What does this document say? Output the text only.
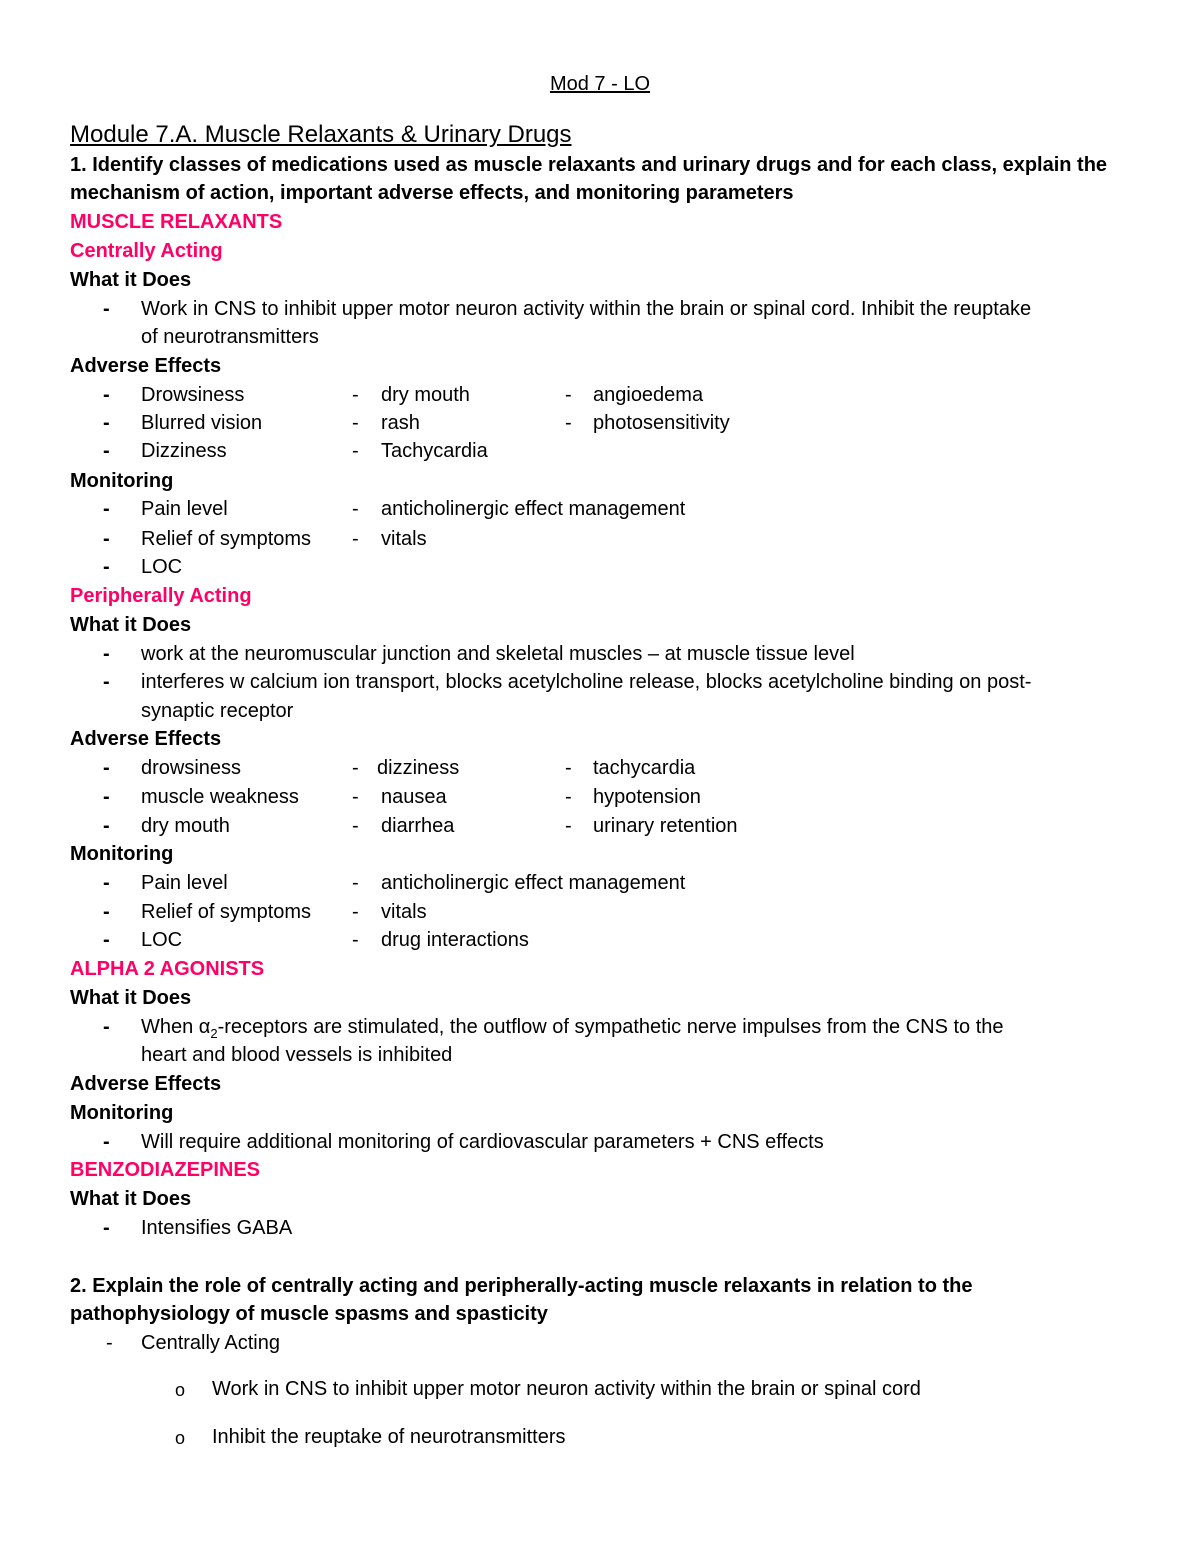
Mod 7 - LO
Module 7.A. Muscle Relaxants & Urinary Drugs
1. Identify classes of medications used as muscle relaxants and urinary drugs and for each class, explain the
mechanism of action, important adverse effects, and monitoring parameters
MUSCLE RELAXANTS
Centrally Acting
What it Does
- Work in CNS to inhibit upper motor neuron activity within the brain or spinal cord. Inhibit the reuptake
of neurotransmitters
Adverse Effects
- Drowsiness
- Blurred vision
- Dizziness
- dry mouth
- rash
- Tachycardia
- angioedema
- photosensitivity
Monitoring
- Pain level
- Relief of symptoms
- LOC
- anticholinergic effect management
- vitals
Peripherally Acting
What it Does
- work at the neuromuscular junction and skeletal muscles – at muscle tissue level
- interferes w calcium ion transport, blocks acetylcholine release, blocks acetylcholine binding on post-
synaptic receptor
Adverse Effects
- drowsiness
- muscle weakness
- dry mouth
- dizziness
- nausea
- diarrhea
- tachycardia
- hypotension
- urinary retention
Monitoring
- Pain level
- Relief of symptoms
- LOC
- anticholinergic effect management
- vitals
- drug interactions
ALPHA 2 AGONISTS
What it Does
- When $\alpha_2$-receptors are stimulated, the outflow of sympathetic nerve impulses from the CNS to the
heart and blood vessels is inhibited
Adverse Effects
Monitoring
- Will require additional monitoring of cardiovascular parameters + CNS effects
BENZODIAZEPINES
What it Does
- Intensifies GABA
2. Explain the role of centrally acting and peripherally-acting muscle relaxants in relation to the
pathophysiology of muscle spasms and spasticity
- Centrally Acting
o Work in CNS to inhibit upper motor neuron activity within the brain or spinal cord
o Inhibit the reuptake of neurotransmitters
